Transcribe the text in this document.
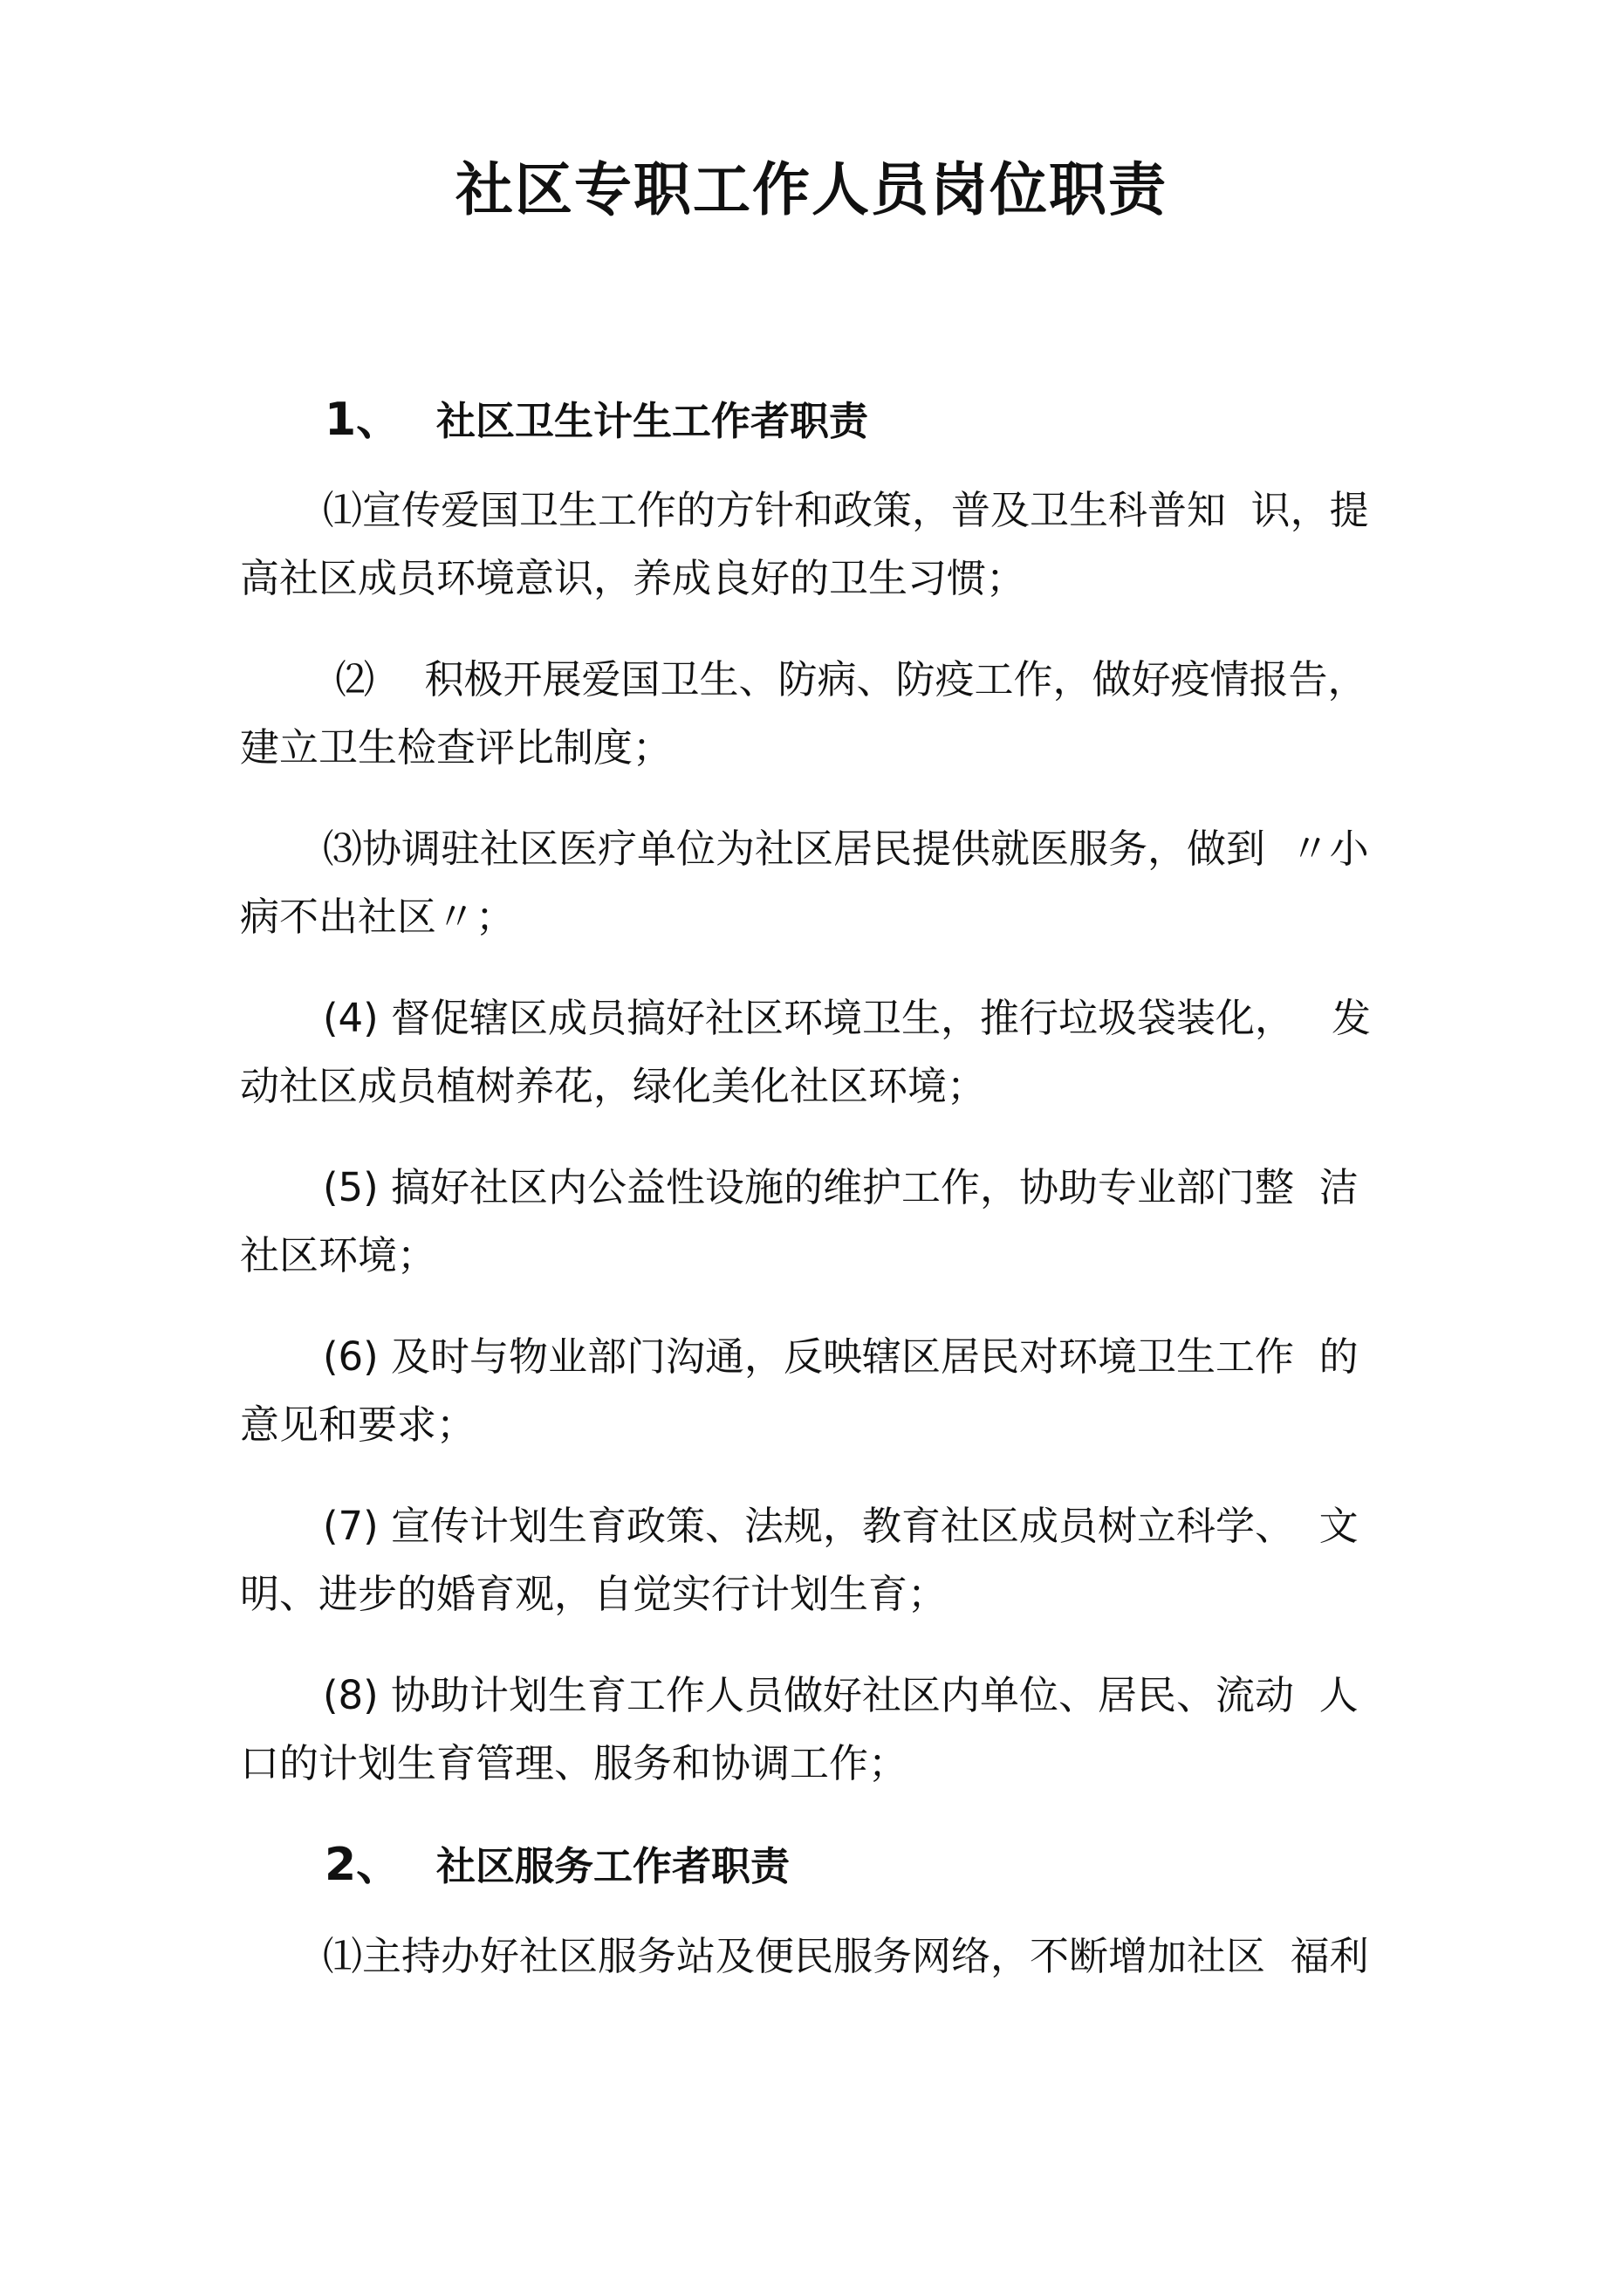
社区专职工作人员岗位职责
1、 社区卫生计生工作者职责
⑴宣传爱国卫生工作的方针和政策，普及卫生科普知  识，提
高社区成员环境意识，养成良好的卫生习惯；
⑵    积极开展爱国卫生、防病、防疫工作，做好疫情报告，
建立卫生检查评比制度；
⑶协调驻社区医疗单位为社区居民提供就医服务，做到  〃小
病不出社区〃；
(4) 督促辖区成员搞好社区环境卫生，推行垃圾袋装化，   发
动社区成员植树养花，绿化美化社区环境；
(5) 搞好社区内公益性设施的维护工作，协助专业部门整  洁
社区环境；
(6) 及时与物业部门沟通，反映辖区居民对环境卫生工作  的
意见和要求；
(7) 宣传计划生育政策、法规，教育社区成员树立科学、  文
明、进步的婚育观，自觉实行计划生育；
(8) 协助计划生育工作人员做好社区内单位、居民、流动  人
口的计划生育管理、服务和协调工作；
2、 社区服务工作者职责
⑴主持办好社区服务站及便民服务网络，不断增加社区  福利
